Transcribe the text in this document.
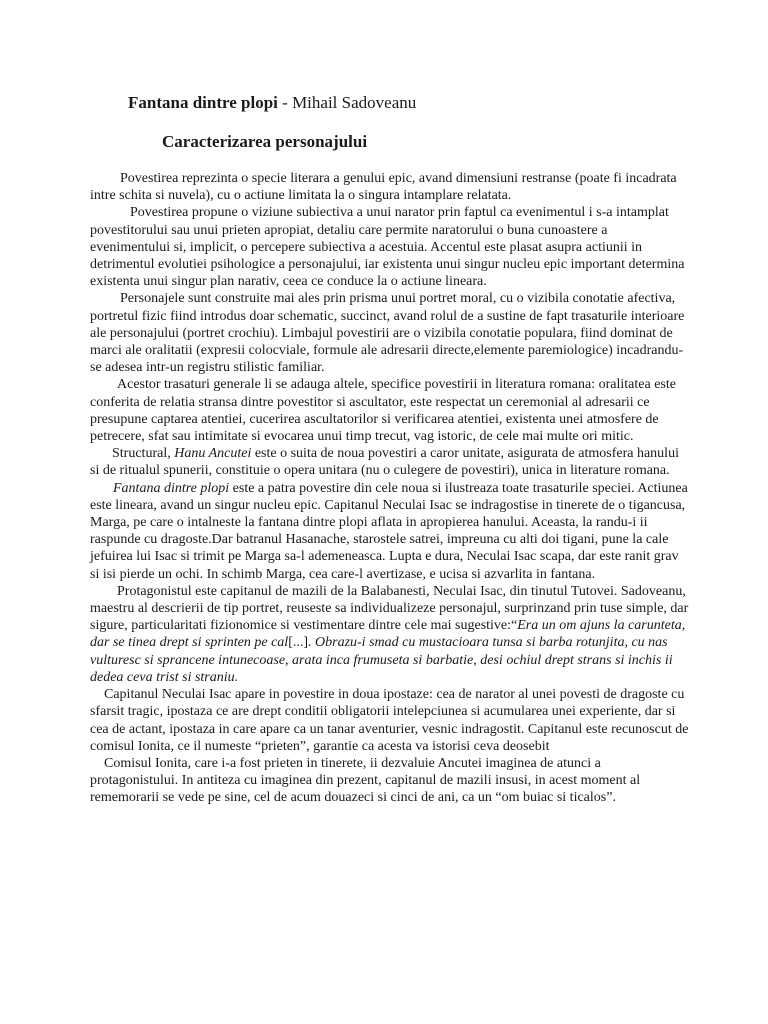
Fantana dintre plopi - Mihail Sadoveanu
Caracterizarea personajului

Povestirea reprezinta o specie literara a genului epic, avand dimensiuni restranse (poate fi incadrata intre schita si nuvela), cu o actiune limitata la o singura intamplare relatata.

Povestirea propune o viziune subiectiva a unui narator prin faptul ca evenimentul i s-a intamplat povestitorului sau unui prieten apropiat, detaliu care permite naratorului o buna cunoastere a evenimentului si, implicit, o percepere subiectiva a acestuia. Accentul este plasat asupra actiunii in detrimentul evolutiei psihologice a personajului, iar existenta unui singur nucleu epic important determina existenta unui singur plan narativ, ceea ce conduce la o actiune lineara.

Personajele sunt construite mai ales prin prisma unui portret moral, cu o vizibila conotatie afectiva, portretul fizic fiind introdus doar schematic, succinct, avand rolul de a sustine de fapt trasaturile interioare ale personajului (portret crochiu). Limbajul povestirii are o vizibila conotatie populara, fiind dominat de marci ale oralitatii (expresii colocviale, formule ale adresarii directe,elemente paremiologice) incadrandu-se adesea intr-un registru stilistic familiar.

Acestor trasaturi generale li se adauga altele, specifice povestirii in literatura romana: oralitatea este conferita de relatia stransa dintre povestitor si ascultator, este respectat un ceremonial al adresarii ce presupune captarea atentiei, cucerirea ascultatorilor si verificarea atentiei, existenta unei atmosfere de petrecere, sfat sau intimitate si evocarea unui timp trecut, vag istoric, de cele mai multe ori mitic.

Structural, Hanu Ancutei este o suita de noua povestiri a caror unitate, asigurata de atmosfera hanului si de ritualul spunerii, constituie o opera unitara (nu o culegere de povestiri), unica in literature romana.

Fantana dintre plopi este a patra povestire din cele noua si ilustreaza toate trasaturile speciei. Actiunea este lineara, avand un singur nucleu epic. Capitanul Neculai Isac se indragostise in tinerete de o tigancusa, Marga, pe care o intalneste la fantana dintre plopi aflata in apropierea hanului. Aceasta, la randu-i ii raspunde cu dragoste.Dar batranul Hasanache, starostele satrei, impreuna cu alti doi tigani, pune la cale jefuirea lui Isac si trimit pe Marga sa-l ademeneasca. Lupta e dura, Neculai Isac scapa, dar este ranit grav si isi pierde un ochi. In schimb Marga, cea care-l avertizase, e ucisa si azvarlita in fantana.

Protagonistul este capitanul de mazili de la Balabanesti, Neculai Isac, din tinutul Tutovei. Sadoveanu, maestru al descrierii de tip portret, reuseste sa individualizeze personajul, surprinzand prin tuse simple, dar sigure, particularitati fizionomice si vestimentare dintre cele mai sugestive:“Era un om ajuns la carunteta, dar se tinea drept si sprinten pe cal[...]. Obrazu-i smad cu mustacioara tunsa si barba rotunjita, cu nas vulturesc si sprancene intunecoase, arata inca frumuseta si barbatie, desi ochiul drept strans si inchis ii dedea ceva trist si straniu.

Capitanul Neculai Isac apare in povestire in doua ipostaze: cea de narator al unei povesti de dragoste cu sfarsit tragic, ipostaza ce are drept conditii obligatorii intelepciunea si acumularea unei experiente, dar si cea de actant, ipostaza in care apare ca un tanar aventurier, vesnic indragostit. Capitanul este recunoscut de comisul Ionita, ce il numeste “prieten”, garantie ca acesta va istorisi ceva deosebit

Comisul Ionita, care i-a fost prieten in tinerete, ii dezvaluie Ancutei imaginea de atunci a protagonistului. In antiteza cu imaginea din prezent, capitanul de mazili insusi, in acest moment al rememorarii se vede pe sine, cel de acum douazeci si cinci de ani, ca un “om buiac si ticalos”.
